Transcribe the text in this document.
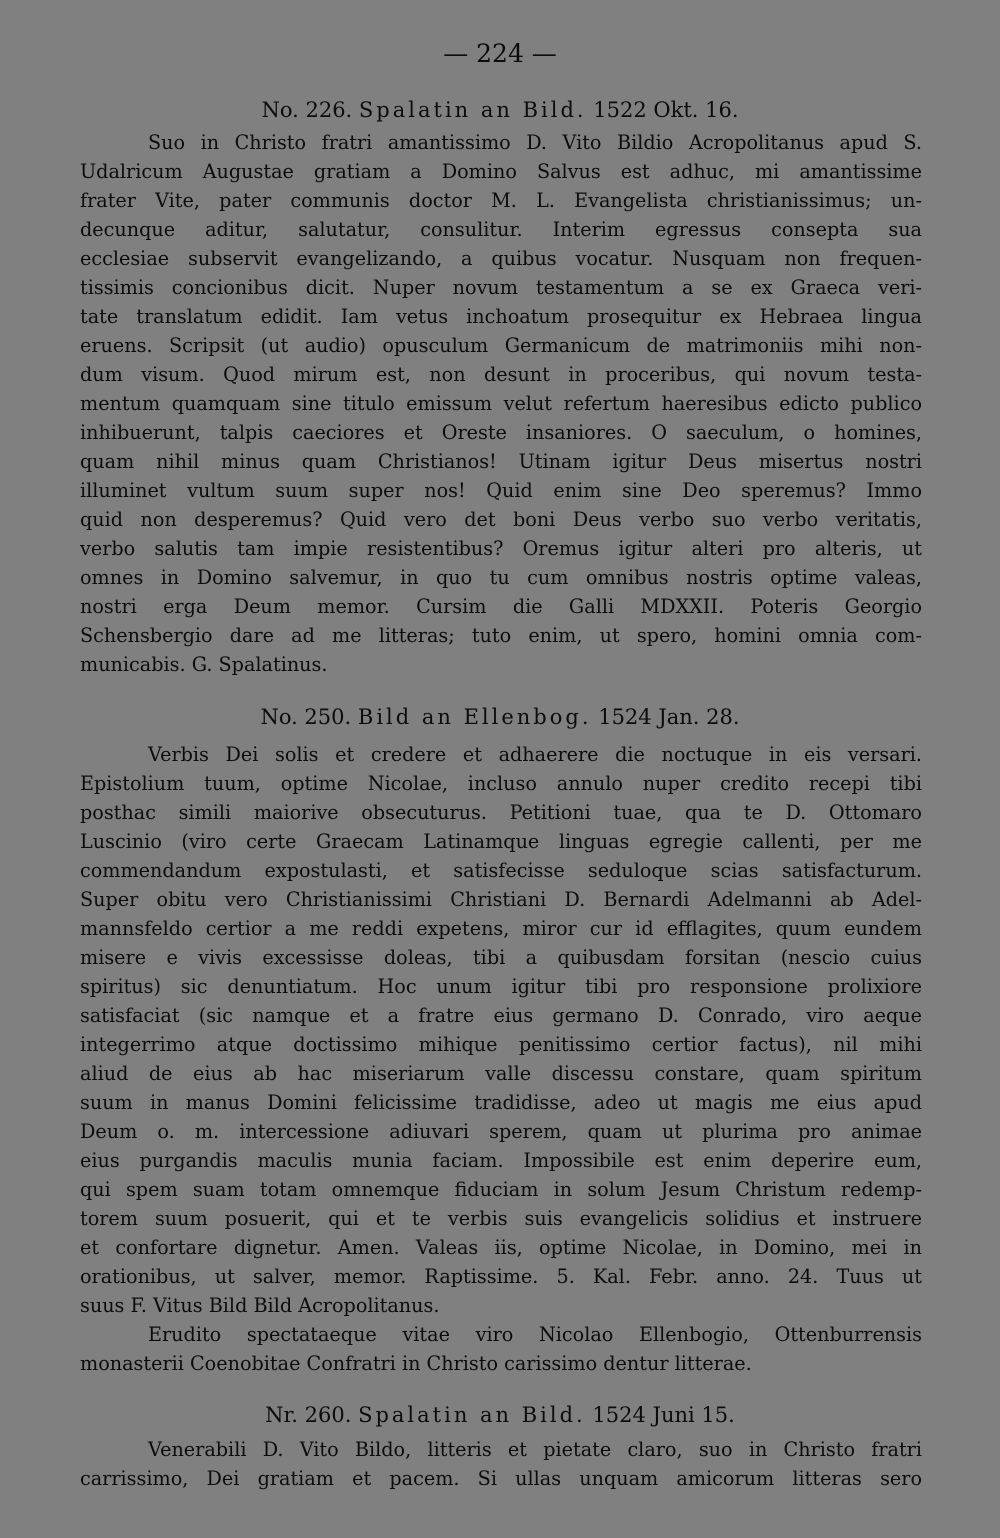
— 224 —
No. 226. Spalatin an Bild. 1522 Okt. 16.
Suo in Christo fratri amantissimo D. Vito Bildio Acropolitanus apud S.
Udalricum Augustae gratiam a Domino Salvus est adhuc, mi amantissime
frater Vite, pater communis doctor M. L. Evangelista christianissimus; un-
decunque aditur, salutatur, consulitur. Interim egressus consepta sua
ecclesiae subservit evangelizando, a quibus vocatur. Nusquam non frequen-
tissimis concionibus dicit. Nuper novum testamentum a se ex Graeca veri-
tate translatum edidit. Iam vetus inchoatum prosequitur ex Hebraea lingua
eruens. Scripsit (ut audio) opusculum Germanicum de matrimoniis mihi non-
dum visum. Quod mirum est, non desunt in proceribus, qui novum testa-
mentum quamquam sine titulo emissum velut refertum haeresibus edicto publico
inhibuerunt, talpis caeciores et Oreste insaniores. O saeculum, o homines,
quam nihil minus quam Christianos! Utinam igitur Deus misertus nostri
illuminet vultum suum super nos! Quid enim sine Deo speremus? Immo
quid non desperemus? Quid vero det boni Deus verbo suo verbo veritatis,
verbo salutis tam impie resistentibus? Oremus igitur alteri pro alteris, ut
omnes in Domino salvemur, in quo tu cum omnibus nostris optime valeas,
nostri erga Deum memor. Cursim die Galli MDXXII. Poteris Georgio
Schensbergio dare ad me litteras; tuto enim, ut spero, homini omnia com-
municabis. G. Spalatinus.
No. 250. Bild an Ellenbog. 1524 Jan. 28.
Verbis Dei solis et credere et adhaerere die noctuque in eis versari.
Epistolium tuum, optime Nicolae, incluso annulo nuper credito recepi tibi
posthac simili maiorive obsecuturus. Petitioni tuae, qua te D. Ottomaro
Luscinio (viro certe Graecam Latinamque linguas egregie callenti, per me
commendandum expostulasti, et satisfecisse seduloque scias satisfacturum.
Super obitu vero Christianissimi Christiani D. Bernardi Adelmanni ab Adel-
mannsfeldo certior a me reddi expetens, miror cur id efflagites, quum eundem
misere e vivis excessisse doleas, tibi a quibusdam forsitan (nescio cuius
spiritus) sic denuntiatum. Hoc unum igitur tibi pro responsione prolixiore
satisfaciat (sic namque et a fratre eius germano D. Conrado, viro aeque
integerrimo atque doctissimo mihique penitissimo certior factus), nil mihi
aliud de eius ab hac miseriarum valle discessu constare, quam spiritum
suum in manus Domini felicissime tradidisse, adeo ut magis me eius apud
Deum o. m. intercessione adiuvari sperem, quam ut plurima pro animae
eius purgandis maculis munia faciam. Impossibile est enim deperire eum,
qui spem suam totam omnemque fiduciam in solum Jesum Christum redemp-
torem suum posuerit, qui et te verbis suis evangelicis solidius et instruere
et confortare dignetur. Amen. Valeas iis, optime Nicolae, in Domino, mei in
orationibus, ut salver, memor. Raptissime. 5. Kal. Febr. anno. 24. Tuus ut
suus F. Vitus Bild Bild Acropolitanus.
Erudito spectataeque vitae viro Nicolao Ellenbogio, Ottenburrensis
monasterii Coenobitae Confratri in Christo carissimo dentur litterae.
Nr. 260. Spalatin an Bild. 1524 Juni 15.
Venerabili D. Vito Bildo, litteris et pietate claro, suo in Christo fratri
carrissimo, Dei gratiam et pacem. Si ullas unquam amicorum litteras sero
